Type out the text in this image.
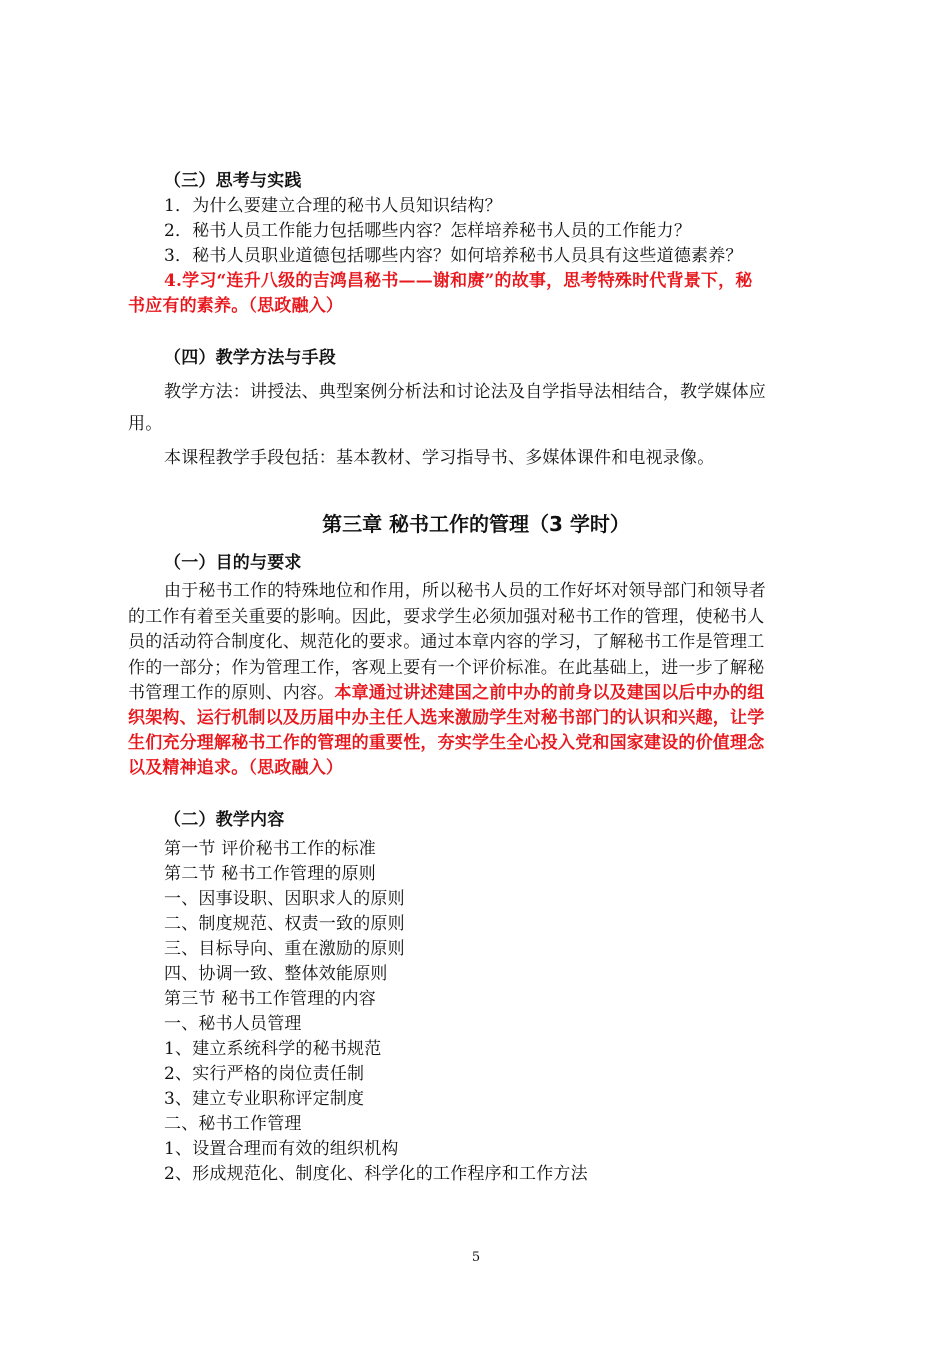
（三）思考与实践
1．为什么要建立合理的秘书人员知识结构？
2．秘书人员工作能力包括哪些内容？怎样培养秘书人员的工作能力？
3．秘书人员职业道德包括哪些内容？如何培养秘书人员具有这些道德素养？
4.学习“连升八级的吉鸿昌秘书——谢和赓”的故事，思考特殊时代背景下，秘
书应有的素养。（思政融入）
（四）教学方法与手段
教学方法：讲授法、典型案例分析法和讨论法及自学指导法相结合，教学媒体应
用。
本课程教学手段包括：基本教材、学习指导书、多媒体课件和电视录像。
第三章 秘书工作的管理（3 学时）
（一）目的与要求
由于秘书工作的特殊地位和作用，所以秘书人员的工作好坏对领导部门和领导者
的工作有着至关重要的影响。因此，要求学生必须加强对秘书工作的管理，使秘书人
员的活动符合制度化、规范化的要求。通过本章内容的学习，了解秘书工作是管理工
作的一部分；作为管理工作，客观上要有一个评价标准。在此基础上，进一步了解秘
书管理工作的原则、内容。本章通过讲述建国之前中办的前身以及建国以后中办的组
织架构、运行机制以及历届中办主任人选来激励学生对秘书部门的认识和兴趣，让学
生们充分理解秘书工作的管理的重要性，夯实学生全心投入党和国家建设的价值理念
以及精神追求。（思政融入）
（二）教学内容
第一节 评价秘书工作的标准
第二节 秘书工作管理的原则
一、因事设职、因职求人的原则
二、制度规范、权责一致的原则
三、目标导向、重在激励的原则
四、协调一致、整体效能原则
第三节 秘书工作管理的内容
一、秘书人员管理
1、建立系统科学的秘书规范
2、实行严格的岗位责任制
3、建立专业职称评定制度
二、秘书工作管理
1、设置合理而有效的组织机构
2、形成规范化、制度化、科学化的工作程序和工作方法
5
